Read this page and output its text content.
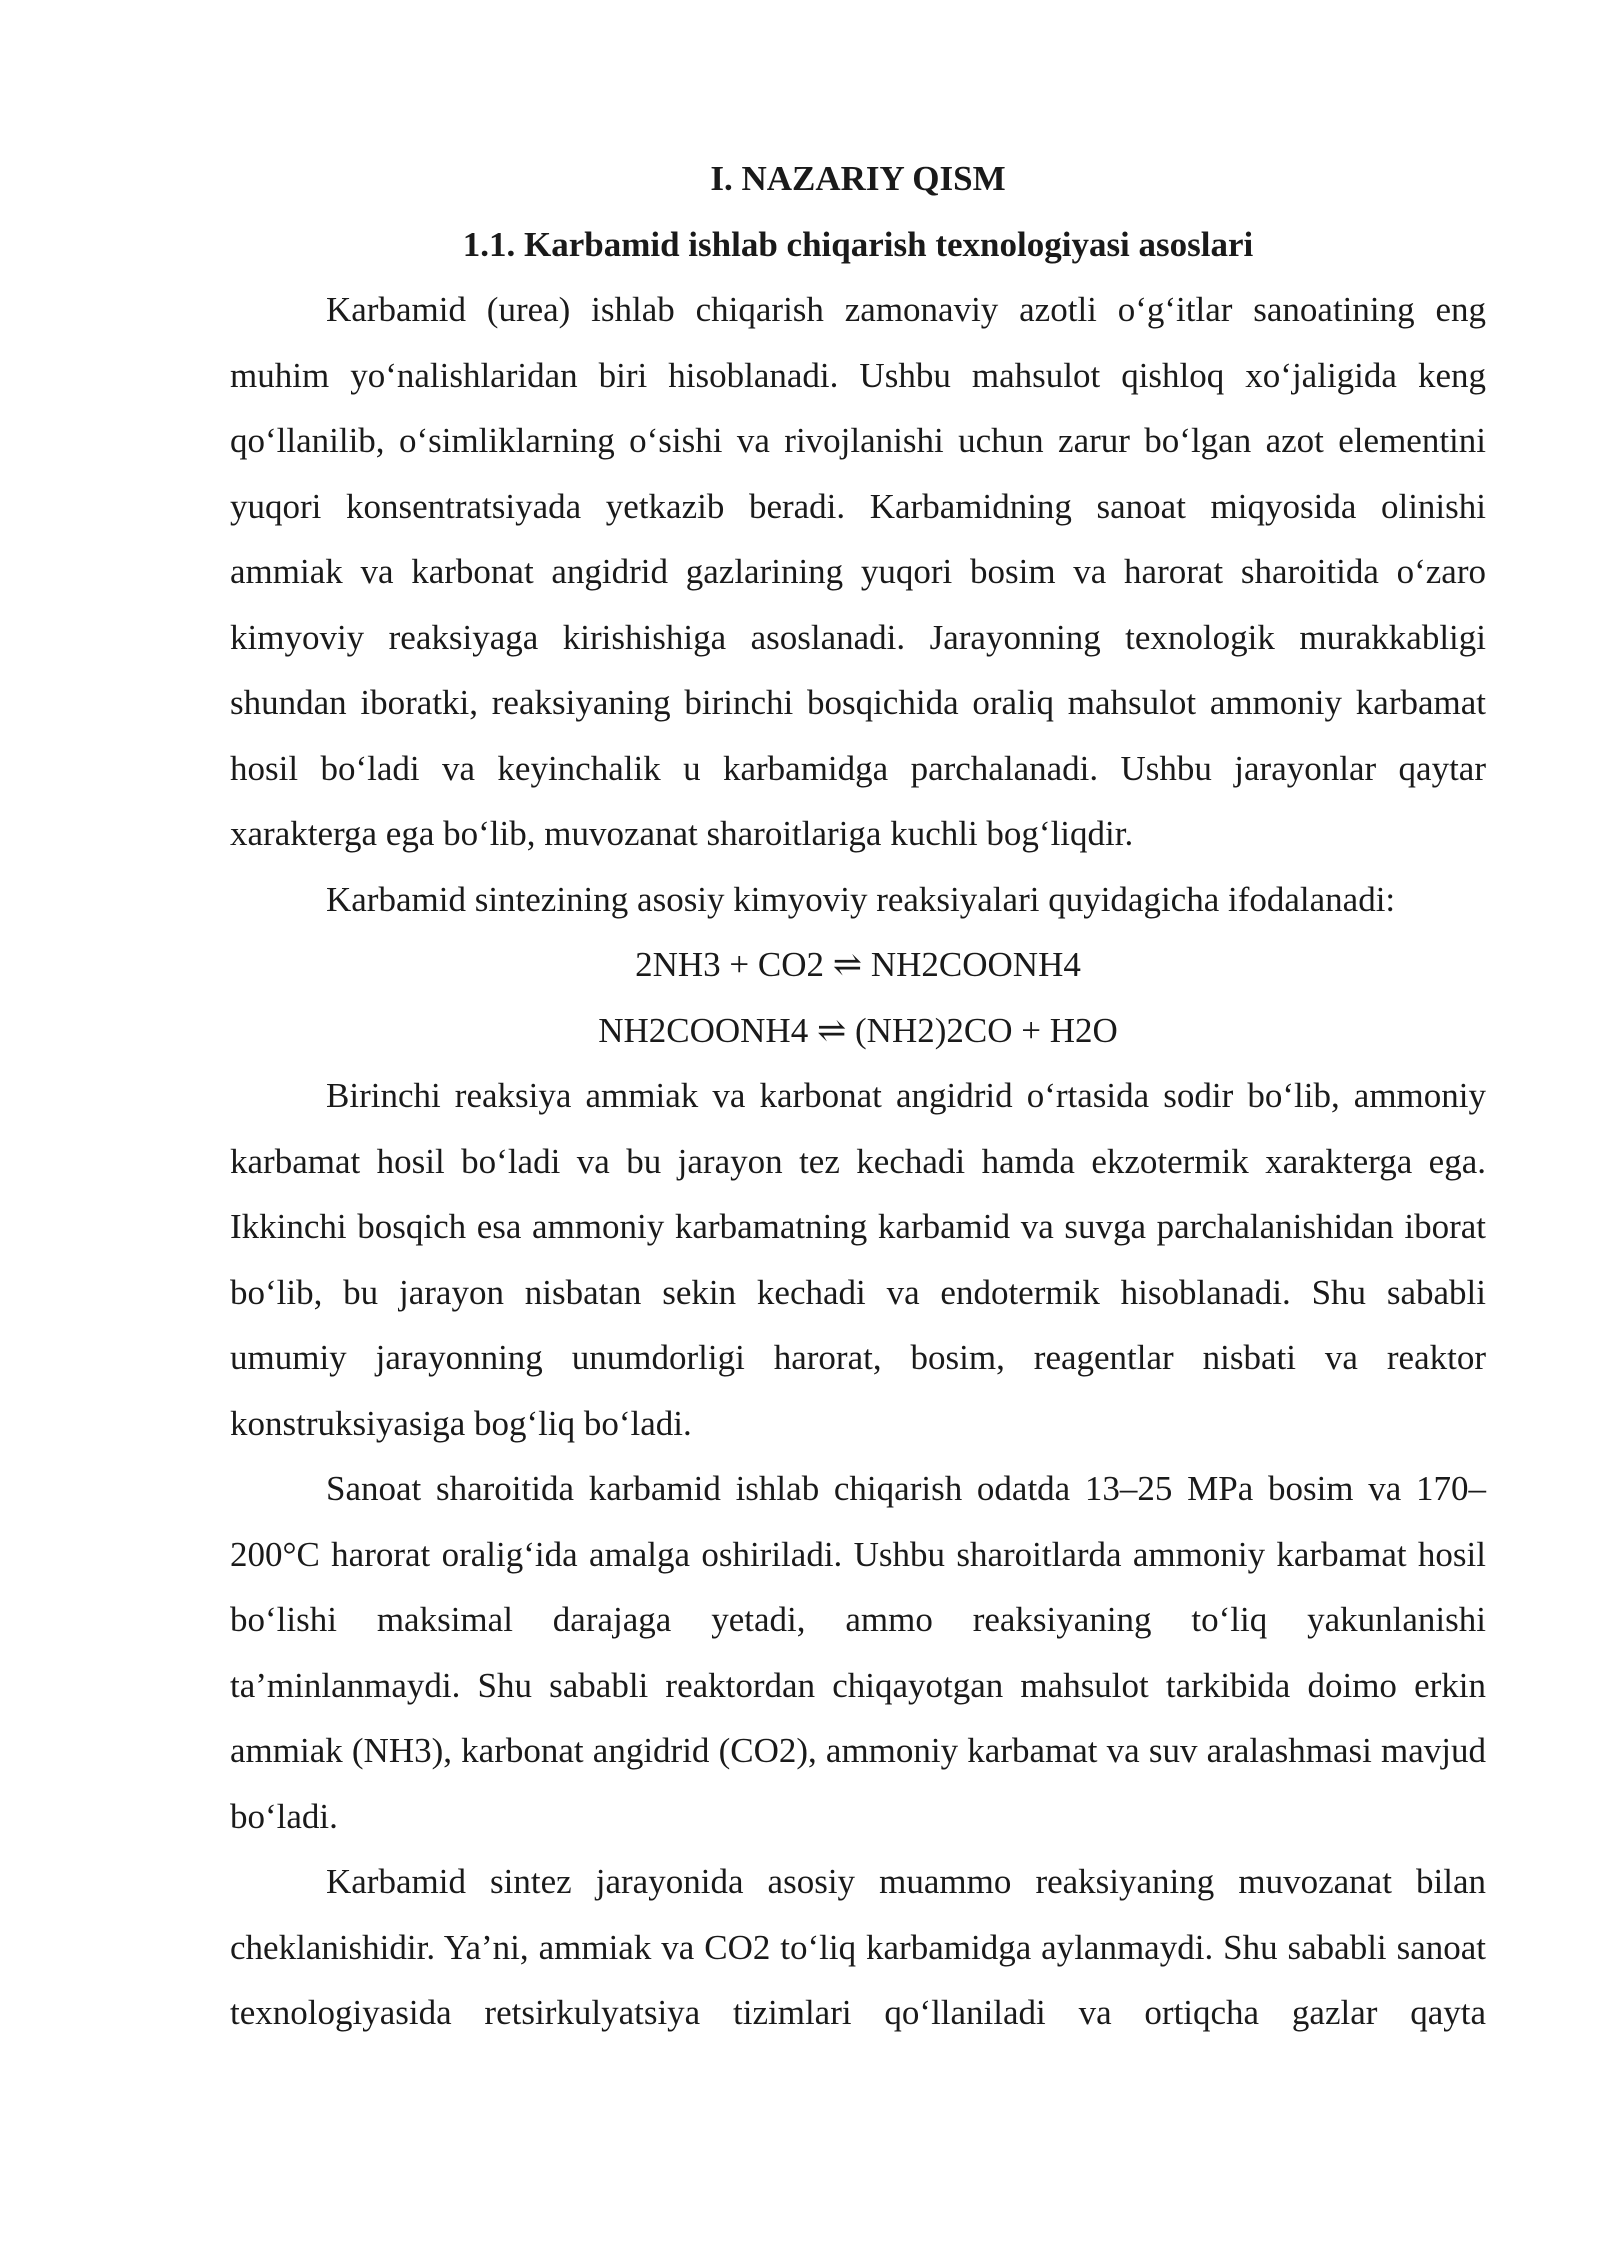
I. NAZARIY QISM

1.1. Karbamid ishlab chiqarish texnologiyasi asoslari

Karbamid (urea) ishlab chiqarish zamonaviy azotli o‘g‘itlar sanoatining eng muhim yo‘nalishlaridan biri hisoblanadi. Ushbu mahsulot qishloq xo‘jaligida keng qo‘llanilib, o‘simliklarning o‘sishi va rivojlanishi uchun zarur bo‘lgan azot elementini yuqori konsentratsiyada yetkazib beradi. Karbamidning sanoat miqyosida olinishi ammiak va karbonat angidrid gazlarining yuqori bosim va harorat sharoitida o‘zaro kimyoviy reaksiyaga kirishishiga asoslanadi. Jarayonning texnologik murakkabligi shundan iboratki, reaksiyaning birinchi bosqichida oraliq mahsulot ammoniy karbamat hosil bo‘ladi va keyinchalik u karbamidga parchalanadi. Ushbu jarayonlar qaytar xarakterga ega bo‘lib, muvozanat sharoitlariga kuchli bog‘liqdir.

Karbamid sintezining asosiy kimyoviy reaksiyalari quyidagicha ifodalanadi:

2NH3 + CO2 ⇌ NH2COONH4

NH2COONH4 ⇌ (NH2)2CO + H2O

Birinchi reaksiya ammiak va karbonat angidrid o‘rtasida sodir bo‘lib, ammoniy karbamat hosil bo‘ladi va bu jarayon tez kechadi hamda ekzotermik xarakterga ega. Ikkinchi bosqich esa ammoniy karbamatning karbamid va suvga parchalanishidan iborat bo‘lib, bu jarayon nisbatan sekin kechadi va endotermik hisoblanadi. Shu sababli umumiy jarayonning unumdorligi harorat, bosim, reagentlar nisbati va reaktor konstruksiyasiga bog‘liq bo‘ladi.

Sanoat sharoitida karbamid ishlab chiqarish odatda 13–25 MPa bosim va 170–200°C harorat oralig‘ida amalga oshiriladi. Ushbu sharoitlarda ammoniy karbamat hosil bo‘lishi maksimal darajaga yetadi, ammo reaksiyaning to‘liq yakunlanishi ta’minlanmaydi. Shu sababli reaktordan chiqayotgan mahsulot tarkibida doimo erkin ammiak (NH3), karbonat angidrid (CO2), ammoniy karbamat va suv aralashmasi mavjud bo‘ladi.

Karbamid sintez jarayonida asosiy muammo reaksiyaning muvozanat bilan cheklanishidir. Ya’ni, ammiak va CO2 to‘liq karbamidga aylanmaydi. Shu sababli sanoat texnologiyasida retsirkulyatsiya tizimlari qo‘llaniladi va ortiqcha gazlar qayta
